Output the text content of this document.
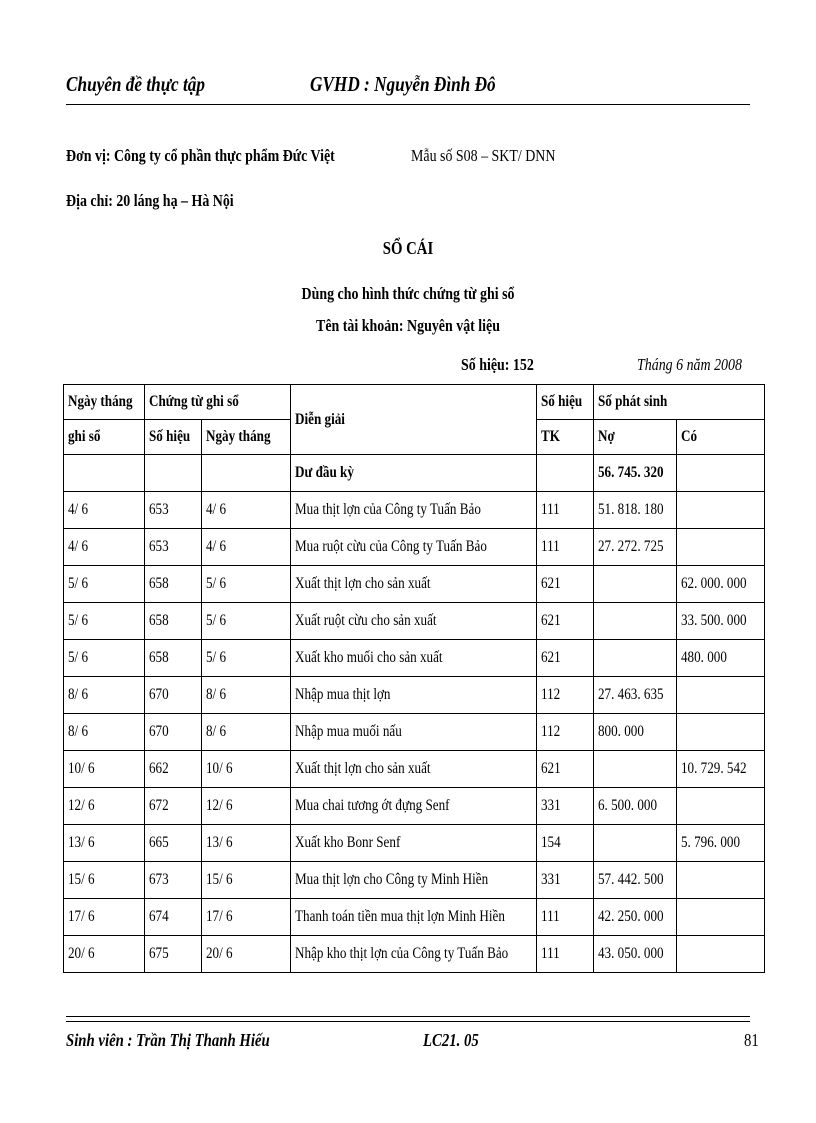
Chuyên đề thực tập	GVHD : Nguyễn Đình Đô
Đơn vị: Công ty cổ phần thực phẩm Đức Việt	Mẫu số S08 – SKT/ DNN
Địa chỉ: 20 láng hạ – Hà Nội
SỔ CÁI
Dùng cho hình thức chứng từ ghi sổ
Tên tài khoản: Nguyên vật liệu
Số hiệu: 152	Tháng 6 năm 2008
Ngày tháng	Chứng từ ghi sổ		Diễn giải	Số hiệu	Số phát sinh	
ghi sổ	Số hiệu	Ngày tháng		TK	Nợ	Có
			Dư đầu kỳ		56. 745. 320	
4/ 6	653	4/ 6	Mua thịt lợn của Công ty Tuấn Bảo	111	51. 818. 180	
4/ 6	653	4/ 6	Mua ruột cừu của Công ty Tuấn Bảo	111	27. 272. 725	
5/ 6	658	5/ 6	Xuất thịt lợn cho sản xuất	621		62. 000. 000
5/ 6	658	5/ 6	Xuất ruột cừu cho sản xuất	621		33. 500. 000
5/ 6	658	5/ 6	Xuất kho muối cho sản xuất	621		480. 000
8/ 6	670	8/ 6	Nhập mua thịt lợn	112	27. 463. 635	
8/ 6	670	8/ 6	Nhập mua muối nấu	112	800. 000	
10/ 6	662	10/ 6	Xuất thịt lợn cho sản xuất	621		10. 729. 542
12/ 6	672	12/ 6	Mua chai tương ớt đựng Senf	331	6. 500. 000	
13/ 6	665	13/ 6	Xuất kho Bonr Senf	154		5. 796. 000
15/ 6	673	15/ 6	Mua thịt lợn cho Công ty Minh Hiền	331	57. 442. 500	
17/ 6	674	17/ 6	Thanh toán tiền mua thịt lợn Minh Hiền	111	42. 250. 000	
20/ 6	675	20/ 6	Nhập kho thịt lợn của Công ty Tuấn Bảo	111	43. 050. 000	
Sinh viên : Trần Thị Thanh Hiếu	LC21. 05	81
